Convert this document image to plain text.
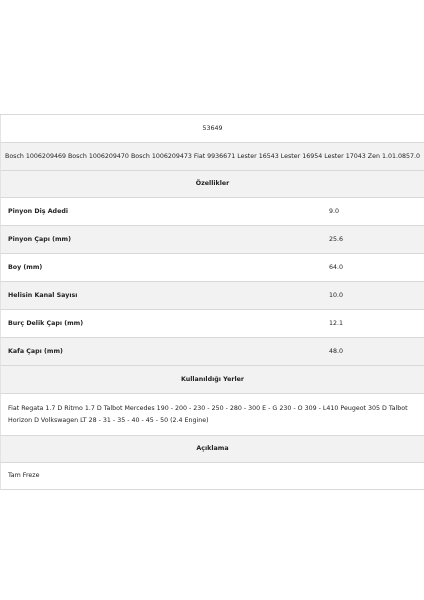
53649
Bosch 1006209469 Bosch 1006209470 Bosch 1006209473 Fiat 9936671 Lester 16543 Lester 16954 Lester 17043 Zen 1.01.0857.0
Özellikler
Pinyon Diş Adedi	9.0
Pinyon Çapı (mm)	25.6
Boy (mm)	64.0
Helisin Kanal Sayısı	10.0
Burç Delik Çapı (mm)	12.1
Kafa Çapı (mm)	48.0
Kullanıldığı Yerler
Fiat Regata 1.7 D Ritmo 1.7 D Talbot Mercedes 190 - 200 - 230 - 250 - 280 - 300 E - G 230 - O 309 - L410 Peugeot 305 D Talbot Horizon D Volkswagen LT 28 - 31 - 35 - 40 - 45 - 50 (2.4 Engine)
Açıklama
Tam Freze
